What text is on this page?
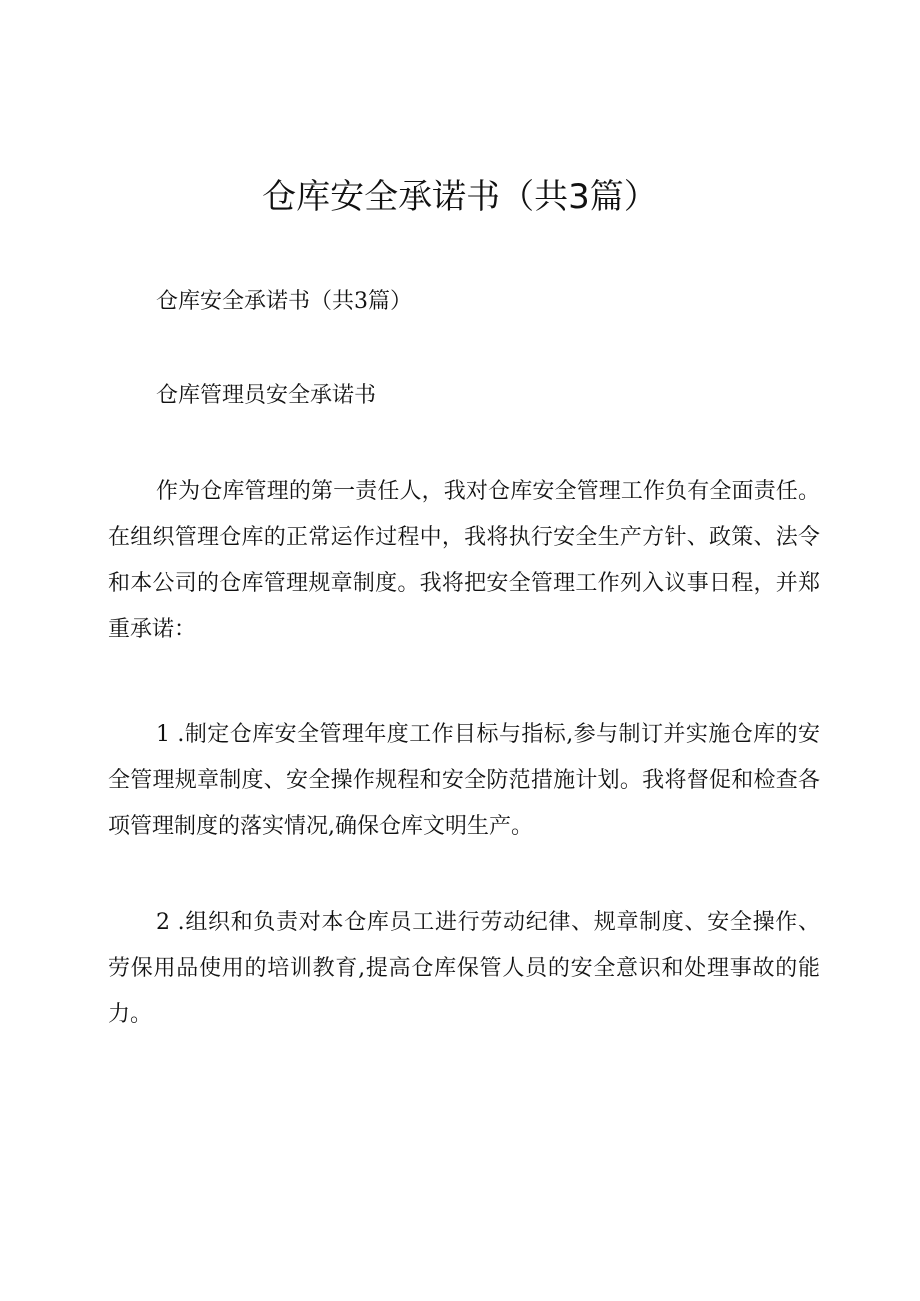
仓库安全承诺书（共3篇）

仓库安全承诺书（共3篇）

仓库管理员安全承诺书

作为仓库管理的第一责任人，我对仓库安全管理工作负有全面责任。在组织管理仓库的正常运作过程中，我将执行安全生产方针、政策、法令和本公司的仓库管理规章制度。我将把安全管理工作列入议事日程，并郑重承诺：

1 .制定仓库安全管理年度工作目标与指标,参与制订并实施仓库的安全管理规章制度、安全操作规程和安全防范措施计划。我将督促和检查各项管理制度的落实情况,确保仓库文明生产。

2 .组织和负责对本仓库员工进行劳动纪律、规章制度、安全操作、劳保用品使用的培训教育,提高仓库保管人员的安全意识和处理事故的能力。
